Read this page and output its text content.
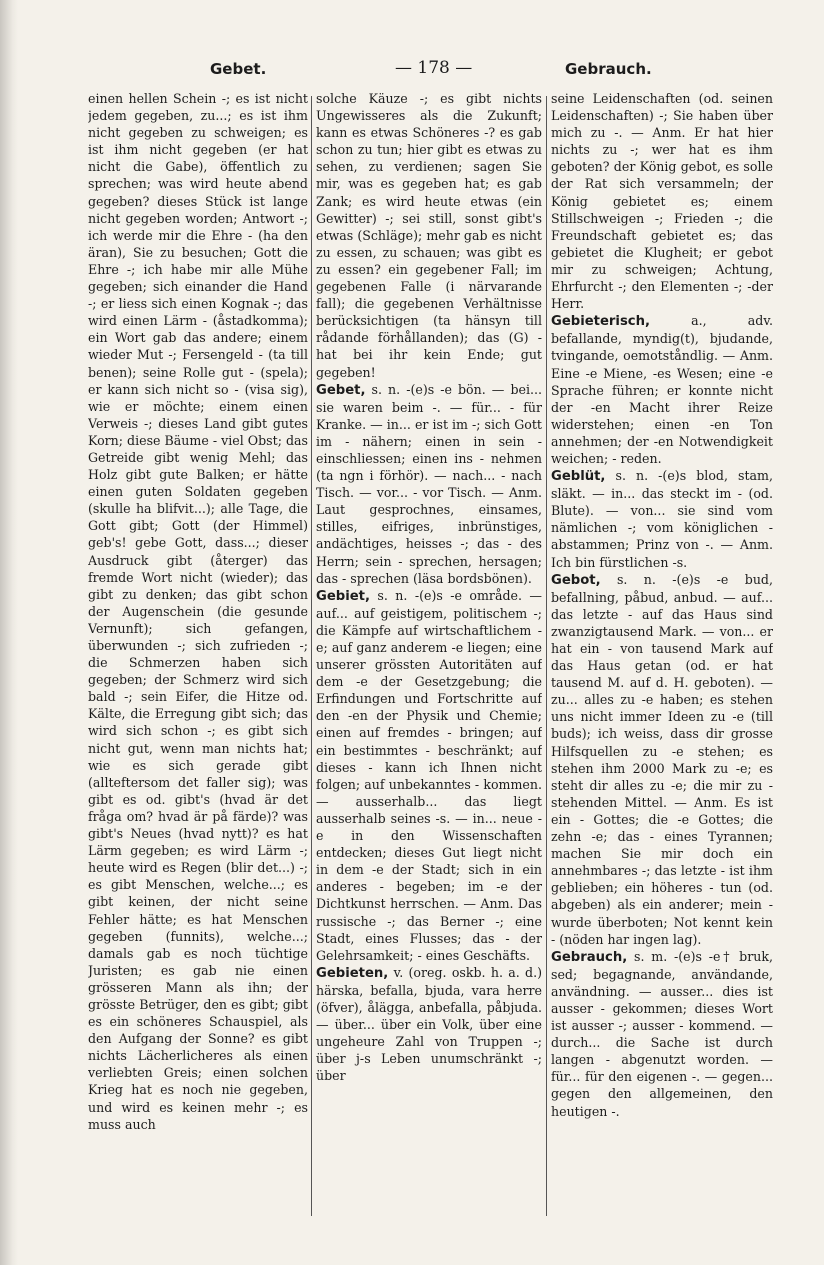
Gebet.	— 178 —	Gebrauch.

einen hellen Schein -; es ist nicht jedem gegeben, zu...; es ist ihm nicht gegeben zu schweigen; es ist ihm nicht gegeben (er hat nicht die Gabe), öffentlich zu sprechen; was wird heute abend gegeben? dieses Stück ist lange nicht gegeben worden; Antwort -; ich werde mir die Ehre - (ha den äran), Sie zu besuchen; Gott die Ehre -; ich habe mir alle Mühe gegeben; sich einander die Hand -; er liess sich einen Kognak -; das wird einen Lärm - (åstadkomma); ein Wort gab das andere; einem wieder Mut -; Fersengeld - (ta till benen); seine Rolle gut - (spela); er kann sich nicht so - (visa sig), wie er möchte; einem einen Verweis -; dieses Land gibt gutes Korn; diese Bäume - viel Obst; das Getreide gibt wenig Mehl; das Holz gibt gute Balken; er hätte einen guten Soldaten gegeben (skulle ha blifvit...); alle Tage, die Gott gibt; Gott (der Himmel) geb's! gebe Gott, dass...; dieser Ausdruck gibt (återger) das fremde Wort nicht (wieder); das gibt zu denken; das gibt schon der Augenschein (die gesunde Vernunft); sich gefangen, überwunden -; sich zufrieden -; die Schmerzen haben sich gegeben; der Schmerz wird sich bald -; sein Eifer, die Hitze od. Kälte, die Erregung gibt sich; das wird sich schon -; es gibt sich nicht gut, wenn man nichts hat; wie es sich gerade gibt (allteftersom det faller sig); was gibt es od. gibt's (hvad är det fråga om? hvad är på färde)? was gibt's Neues (hvad nytt)? es hat Lärm gegeben; es wird Lärm -; heute wird es Regen (blir det...) -; es gibt Menschen, welche...; es gibt keinen, der nicht seine Fehler hätte; es hat Menschen gegeben (funnits), welche...; damals gab es noch tüchtige Juristen; es gab nie einen grösseren Mann als ihn; der grösste Betrüger, den es gibt; gibt es ein schöneres Schauspiel, als den Aufgang der Sonne? es gibt nichts Lächerlicheres als einen verliebten Greis; einen solchen Krieg hat es noch nie gegeben, und wird es keinen mehr -; es muss auch

solche Käuze -; es gibt nichts Ungewisseres als die Zukunft; kann es etwas Schöneres -? es gab schon zu tun; hier gibt es etwas zu sehen, zu verdienen; sagen Sie mir, was es gegeben hat; es gab Zank; es wird heute etwas (ein Gewitter) -; sei still, sonst gibt's etwas (Schläge); mehr gab es nicht zu essen, zu schauen; was gibt es zu essen? ein gegebener Fall; im gegebenen Falle (i närvarande fall); die gegebenen Verhältnisse berücksichtigen (ta hänsyn till rådande förhållanden); das (G) - hat bei ihr kein Ende; gut gegeben!

Gebet, s. n. -(e)s -e bön. — bei... sie waren beim -. — für... - für Kranke. — in... er ist im -; sich Gott im - nähern; einen in sein - einschliessen; einen ins - nehmen (ta ngn i förhör). — nach... - nach Tisch. — vor... - vor Tisch. — Anm. Laut gesprochnes, einsames, stilles, eifriges, inbrünstiges, andächtiges, heisses -; das - des Herrn; sein - sprechen, hersagen; das - sprechen (läsa bordsbönen).

Gebiet, s. n. -(e)s -e område. — auf... auf geistigem, politischem -; die Kämpfe auf wirtschaftlichem -e; auf ganz anderem -e liegen; eine unserer grössten Autoritäten auf dem -e der Gesetzgebung; die Erfindungen und Fortschritte auf den -en der Physik und Chemie; einen auf fremdes - bringen; auf ein bestimmtes - beschränkt; auf dieses - kann ich Ihnen nicht folgen; auf unbekanntes - kommen. — ausserhalb... das liegt ausserhalb seines -s. — in... neue -e in den Wissenschaften entdecken; dieses Gut liegt nicht in dem -e der Stadt; sich in ein anderes - begeben; im -e der Dichtkunst herrschen. — Anm. Das russische -; das Berner -; eine Stadt, eines Flusses; das - der Gelehrsamkeit; - eines Geschäfts.

Gebieten, v. (oreg. oskb. h. a. d.) härska, befalla, bjuda, vara herre (öfver), ålägga, anbefalla, påbjuda. — über... über ein Volk, über eine ungeheure Zahl von Truppen -; über j-s Leben unumschränkt -; über

seine Leidenschaften (od. seinen Leidenschaften) -; Sie haben über mich zu -. — Anm. Er hat hier nichts zu -; wer hat es ihm geboten? der König gebot, es solle der Rat sich versammeln; der König gebietet es; einem Stillschweigen -; Frieden -; die Freundschaft gebietet es; das gebietet die Klugheit; er gebot mir zu schweigen; Achtung, Ehrfurcht -; den Elementen -; -der Herr.

Gebieterisch, a., adv. befallande, myndig(t), bjudande, tvingande, oemotståndlig. — Anm. Eine -e Miene, -es Wesen; eine -e Sprache führen; er konnte nicht der -en Macht ihrer Reize widerstehen; einen -en Ton annehmen; der -en Notwendigkeit weichen; - reden.

Geblüt, s. n. -(e)s blod, stam, släkt. — in... das steckt im - (od. Blute). — von... sie sind vom nämlichen -; vom königlichen - abstammen; Prinz von -. — Anm. Ich bin fürstlichen -s.

Gebot, s. n. -(e)s -e bud, befallning, påbud, anbud. — auf... das letzte - auf das Haus sind zwanzigtausend Mark. — von... er hat ein - von tausend Mark auf das Haus getan (od. er hat tausend M. auf d. H. geboten). — zu... alles zu -e haben; es stehen uns nicht immer Ideen zu -e (till buds); ich weiss, dass dir grosse Hilfsquellen zu -e stehen; es stehen ihm 2000 Mark zu -e; es steht dir alles zu -e; die mir zu - stehenden Mittel. — Anm. Es ist ein - Gottes; die -e Gottes; die zehn -e; das - eines Tyrannen; machen Sie mir doch ein annehmbares -; das letzte - ist ihm geblieben; ein höheres - tun (od. abgeben) als ein anderer; mein - wurde überboten; Not kennt kein - (nöden har ingen lag).

Gebrauch, s. m. -(e)s -e† bruk, sed; begagnande, användande, användning. — ausser... dies ist ausser - gekommen; dieses Wort ist ausser -; ausser - kommend. — durch... die Sache ist durch langen - abgenutzt worden. — für... für den eigenen -. — gegen... gegen den allgemeinen, den heutigen -.
